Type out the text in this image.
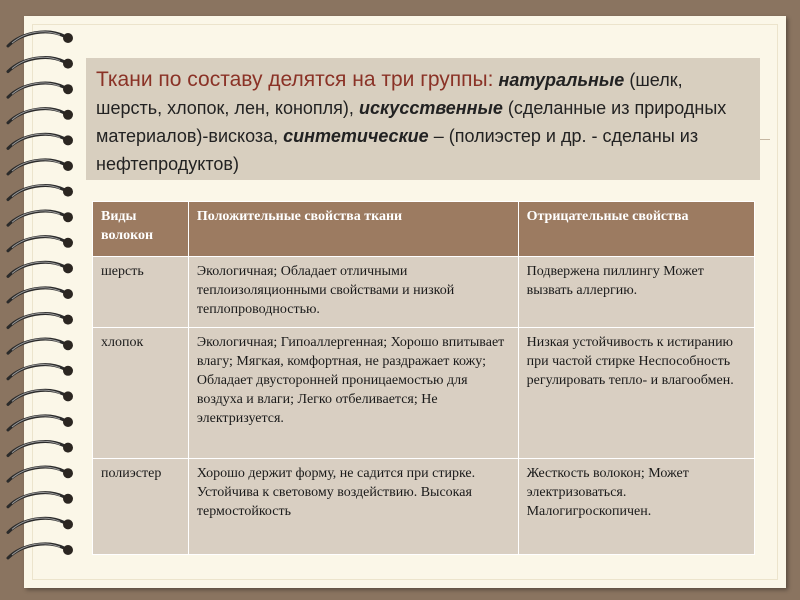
Ткани по составу делятся на три группы: натуральные (шелк, шерсть, хлопок, лен, конопля), искусственные (сделанные из природных материалов)-вискоза, синтетические – (полиэстер и др. - сделаны из нефтепродуктов)
Виды волокон	Положительные свойства ткани	Отрицательные свойства
шерсть	Экологичная; Обладает отличными теплоизоляционными свойствами и низкой теплопроводностью.	Подвержена пиллингу Может вызвать аллергию.
хлопок	Экологичная; Гипоаллергенная; Хорошо впитывает влагу; Мягкая, комфортная, не раздражает кожу; Обладает двусторонней проницаемостью для воздуха и влаги; Легко отбеливается; Не электризуется.	Низкая устойчивость к истиранию при частой стирке Неспособность регулировать тепло- и влагообмен.
полиэстер	Хорошо держит форму, не садится при стирке. Устойчива к световому воздействию. Высокая термостойкость	Жесткость волокон; Может электризоваться. Малогигроскопичен.
